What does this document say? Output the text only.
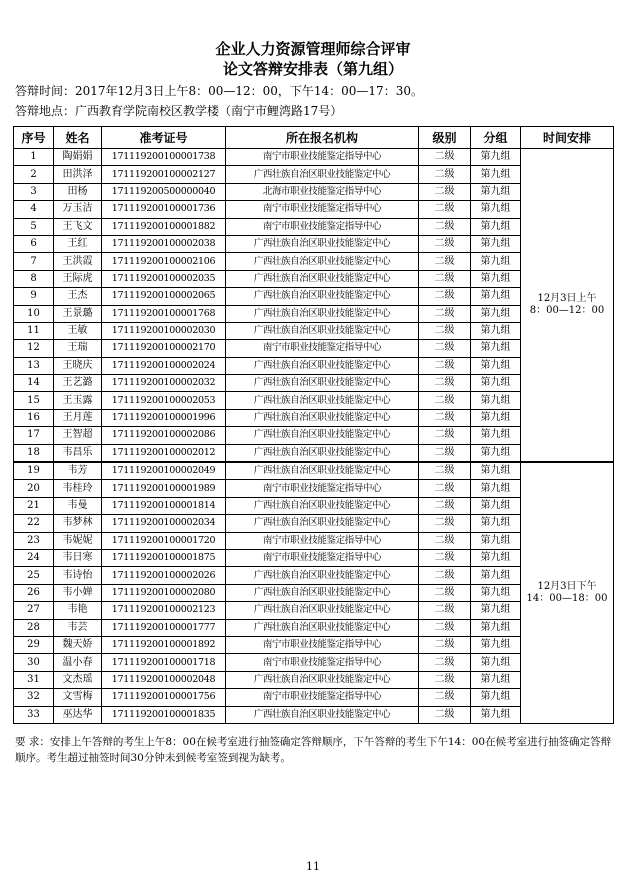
企业人力资源管理师综合评审
论文答辩安排表（第九组）
答辩时间：2017年12月3日上午8：00—12：00，下午14：00—17：30。
答辩地点：广西教育学院南校区教学楼（南宁市鲤湾路17号）
序号	姓名	准考证号	所在报名机构	级别	分组	时间安排
1	陶娟娟	171119200100001738	南宁市职业技能鉴定指导中心	二级	第九组	12月3日上午
8：00—12：00

2	田洪泽	171119200100002127	广西壮族自治区职业技能鉴定中心	二级	第九组	
3	田杨	171119200500000040	北海市职业技能鉴定指导中心	二级	第九组	
4	万玉洁	171119200100001736	南宁市职业技能鉴定指导中心	二级	第九组	
5	王飞文	171119200100001882	南宁市职业技能鉴定指导中心	二级	第九组	
6	王红	171119200100002038	广西壮族自治区职业技能鉴定中心	二级	第九组	
7	王洪霞	171119200100002106	广西壮族自治区职业技能鉴定中心	二级	第九组	
8	王际虎	171119200100002035	广西壮族自治区职业技能鉴定中心	二级	第九组	
9	王杰	171119200100002065	广西壮族自治区职业技能鉴定中心	二级	第九组	
10	王景璐	171119200100001768	广西壮族自治区职业技能鉴定中心	二级	第九组	
11	王敏	171119200100002030	广西壮族自治区职业技能鉴定中心	二级	第九组	
12	王瑞	171119200100002170	南宁市职业技能鉴定指导中心	二级	第九组	
13	王晓庆	171119200100002024	广西壮族自治区职业技能鉴定中心	二级	第九组	
14	王艺潞	171119200100002032	广西壮族自治区职业技能鉴定中心	二级	第九组	
15	王玉露	171119200100002053	广西壮族自治区职业技能鉴定中心	二级	第九组	
16	王月莲	171119200100001996	广西壮族自治区职业技能鉴定中心	二级	第九组	
17	王智超	171119200100002086	广西壮族自治区职业技能鉴定中心	二级	第九组	
18	韦昌乐	171119200100002012	广西壮族自治区职业技能鉴定中心	二级	第九组	
19	韦芳	171119200100002049	广西壮族自治区职业技能鉴定中心	二级	第九组	12月3日下午
14：00—18：00

20	韦桂玲	171119200100001989	南宁市职业技能鉴定指导中心	二级	第九组	
21	韦曼	171119200100001814	广西壮族自治区职业技能鉴定中心	二级	第九组	
22	韦梦林	171119200100002034	广西壮族自治区职业技能鉴定中心	二级	第九组	
23	韦妮妮	171119200100001720	南宁市职业技能鉴定指导中心	二级	第九组	
24	韦日寒	171119200100001875	南宁市职业技能鉴定指导中心	二级	第九组	
25	韦诗怡	171119200100002026	广西壮族自治区职业技能鉴定中心	二级	第九组	
26	韦小婵	171119200100002080	广西壮族自治区职业技能鉴定中心	二级	第九组	
27	韦艳	171119200100002123	广西壮族自治区职业技能鉴定中心	二级	第九组	
28	韦芸	171119200100001777	广西壮族自治区职业技能鉴定中心	二级	第九组	
29	魏天娇	171119200100001892	南宁市职业技能鉴定指导中心	二级	第九组	
30	温小春	171119200100001718	南宁市职业技能鉴定指导中心	二级	第九组	
31	文杰瑶	171119200100002048	广西壮族自治区职业技能鉴定中心	二级	第九组	
32	文雪梅	171119200100001756	南宁市职业技能鉴定指导中心	二级	第九组	
33	巫达华	171119200100001835	广西壮族自治区职业技能鉴定中心	二级	第九组	
要 求：安排上午答辩的考生上午8：00在候考室进行抽签确定答辩顺序，下午答辩的考生下午14：00在候考室进行抽签确定答辩顺序。考生超过抽签时间30分钟未到候考室签到视为缺考。
11
